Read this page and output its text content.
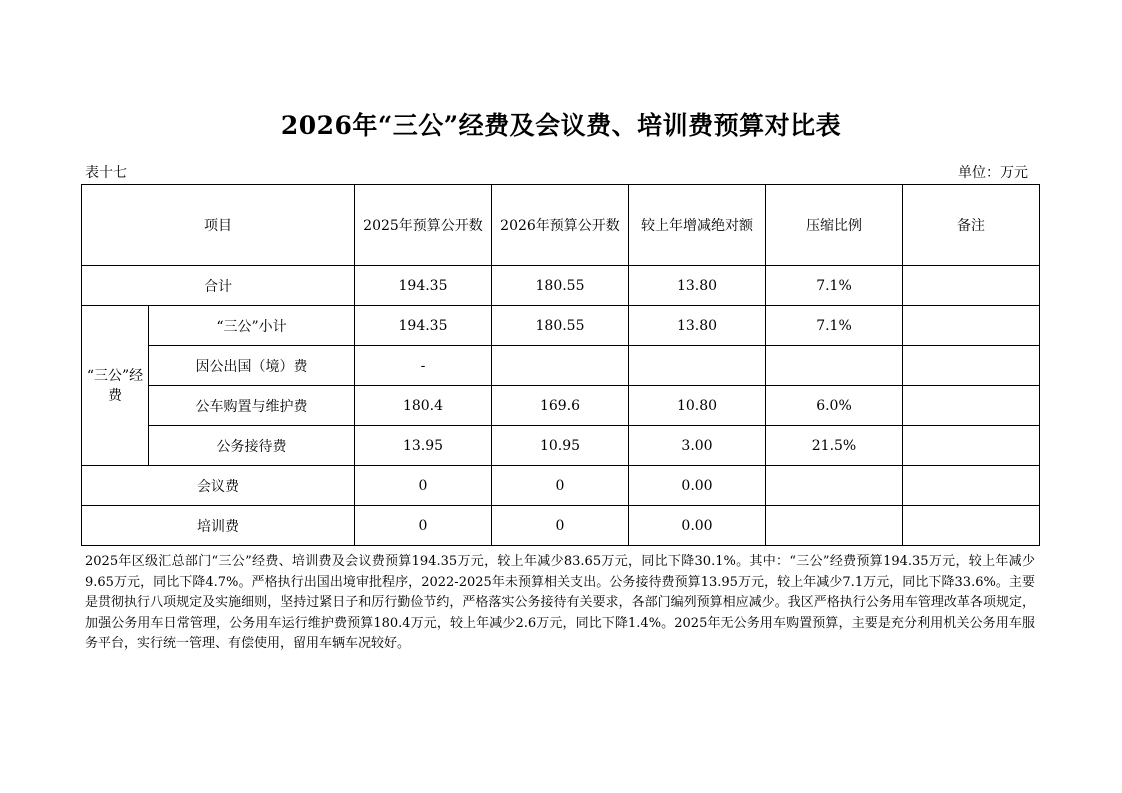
2026年“三公”经费及会议费、培训费预算对比表
表十七	单位：万元
项目		2025年预算公开数	2026年预算公开数	较上年增减绝对额	压缩比例	备注
合计		194.35	180.55	13.80	7.1%	
“三公”经费	“三公”小计	194.35	180.55	13.80	7.1%	
	因公出国（境）费	-				
	公车购置与维护费	180.4	169.6	10.80	6.0%	
	公务接待费	13.95	10.95	3.00	21.5%	
会议费		0	0	0.00		
培训费		0	0	0.00		
2025年区级汇总部门“三公”经费、培训费及会议费预算194.35万元，较上年减少83.65万元，同比下降30.1%。其中：“三公”经费预算194.35万元，较上年减少9.65万元，同比下降4.7%。严格执行出国出境审批程序，2022-2025年未预算相关支出。公务接待费预算13.95万元，较上年减少7.1万元，同比下降33.6%。主要是贯彻执行八项规定及实施细则，坚持过紧日子和厉行勤俭节约，严格落实公务接待有关要求，各部门编列预算相应减少。我区严格执行公务用车管理改革各项规定，加强公务用车日常管理，公务用车运行维护费预算180.4万元，较上年减少2.6万元，同比下降1.4%。2025年无公务用车购置预算，主要是充分利用机关公务用车服务平台，实行统一管理、有偿使用，留用车辆车况较好。
